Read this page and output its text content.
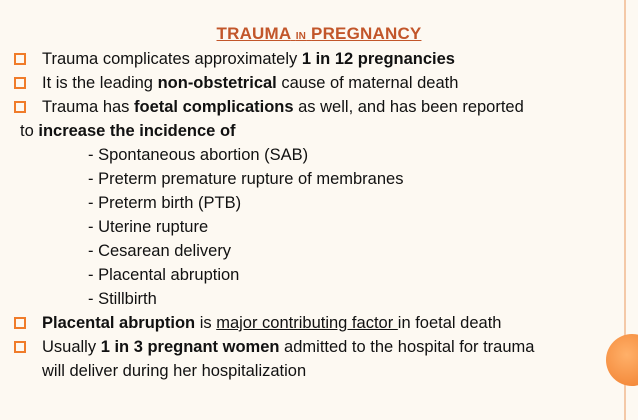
TRAUMA IN PREGNANCY
Trauma complicates approximately 1 in 12 pregnancies
It is the leading non-obstetrical cause of maternal death
Trauma has foetal complications as well, and has been reported
to increase the incidence of
- Spontaneous abortion (SAB)
- Preterm premature rupture of membranes
- Preterm birth (PTB)
- Uterine rupture
- Cesarean delivery
- Placental abruption
- Stillbirth
Placental abruption is major contributing factor in foetal death
Usually 1 in 3 pregnant women admitted to the hospital for trauma
will deliver during her hospitalization
